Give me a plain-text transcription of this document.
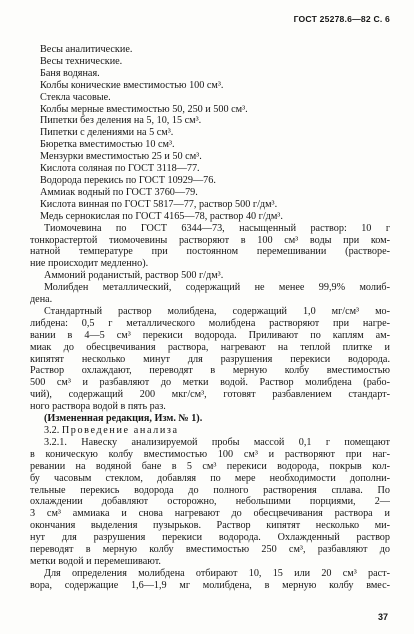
ГОСТ 25278.6—82 С. 6
Весы аналитические.
Весы технические.
Баня водяная.
Колбы конические вместимостью 100 см³.
Стекла часовые.
Колбы мерные вместимостью 50, 250 и 500 см³.
Пипетки без деления на 5, 10, 15 см³.
Пипетки с делениями на 5 см³.
Бюретка вместимостью 10 см³.
Мензурки вместимостью 25 и 50 см³.
Кислота соляная по ГОСТ 3118—77.
Водорода перекись по ГОСТ 10929—76.
Аммиак водный по ГОСТ 3760—79.
Кислота винная по ГОСТ 5817—77, раствор 500 г/дм³.
Медь сернокислая по ГОСТ 4165—78, раствор 40 г/дм³.
Тиомочевина по ГОСТ 6344—73, насыщенный раствор: 10 г
тонкорастертой тиомочевины растворяют в 100 см³ воды при ком-
натной температуре при постоянном перемешивании (растворе-
ние происходит медленно).
Аммоний роданистый, раствор 500 г/дм³.
Молибден металлический, содержащий не менее 99,9% молиб-
дена.
Стандартный раствор молибдена, содержащий 1,0 мг/см³ мо-
либдена: 0,5 г металлического молибдена растворяют при нагре-
вании в 4—5 см³ перекиси водорода. Приливают по каплям ам-
миак до обесцвечивания раствора, нагревают на теплой плитке и
кипятят несколько минут для разрушения перекиси водорода.
Раствор охлаждают, переводят в мерную колбу вместимостью
500 см³ и разбавляют до метки водой. Раствор молибдена (рабо-
чий), содержащий 200 мкг/см³, готовят разбавлением стандарт-
ного раствора водой в пять раз.
(Измененная редакция, Изм. № 1).
3.2. Проведение анализа
3.2.1. Навеску анализируемой пробы массой 0,1 г помещают
в коническую колбу вместимостью 100 см³ и растворяют при наг-
ревании на водяной бане в 5 см³ перекиси водорода, покрыв кол-
бу часовым стеклом, добавляя по мере необходимости дополни-
тельные перекись водорода до полного растворения сплава. По
охлаждении добавляют осторожно, небольшими порциями, 2—
3 см³ аммиака и снова нагревают до обесцвечивания раствора и
окончания выделения пузырьков. Раствор кипятят несколько ми-
нут для разрушения перекиси водорода. Охлажденный раствор
переводят в мерную колбу вместимостью 250 см³, разбавляют до
метки водой и перемешивают.
Для определения молибдена отбирают 10, 15 или 20 см³ раст-
вора, содержащие 1,6—1,9 мг молибдена, в мерную колбу вмес-
37
